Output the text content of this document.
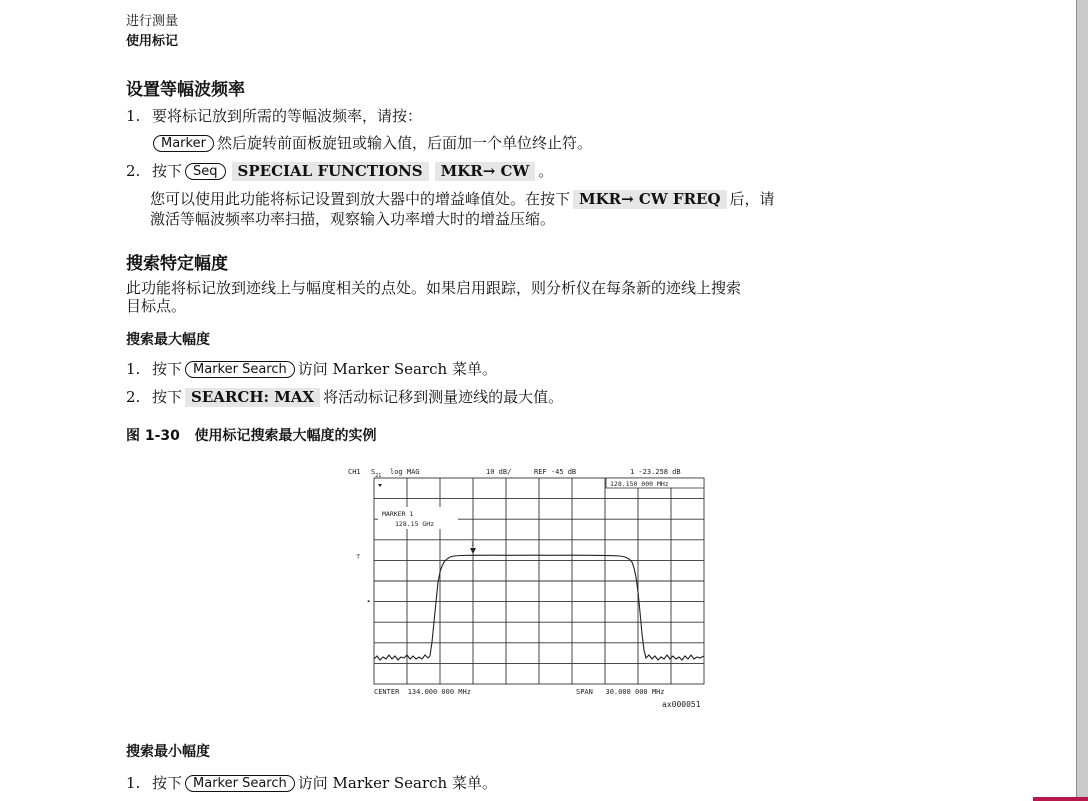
进行测量
使用标记
设置等幅波频率
1. 要将标记放到所需的等幅波频率，请按：
Marker 然后旋转前面板旋钮或输入值，后面加一个单位终止符。
2. 按下 Seq SPECIAL FUNCTIONS MKR→ CW 。
您可以使用此功能将标记设置到放大器中的增益峰值处。在按下 MKR→ CW FREQ 后，请
激活等幅波频率功率扫描，观察输入功率增大时的增益压缩。
搜索特定幅度
此功能将标记放到迹线上与幅度相关的点处。如果启用跟踪，则分析仪在每条新的迹线上搜索
目标点。
搜索最大幅度
1. 按下 Marker Search 访问 Marker Search 菜单。
2. 按下 SEARCH: MAX 将活动标记移到测量迹线的最大值。
图 1-30   使用标记搜索最大幅度的实例
CH1 $S_{21}$ log MAG	10 dB/	REF -45 dB	1 -23.258 dB
128.150 000 MHz
MARKER 1
128.15 GHz
⊤
▸
1
CENTER  134.000 000 MHz	SPAN   30.000 000 MHz
ax000051
搜索最小幅度
1. 按下 Marker Search 访问 Marker Search 菜单。
